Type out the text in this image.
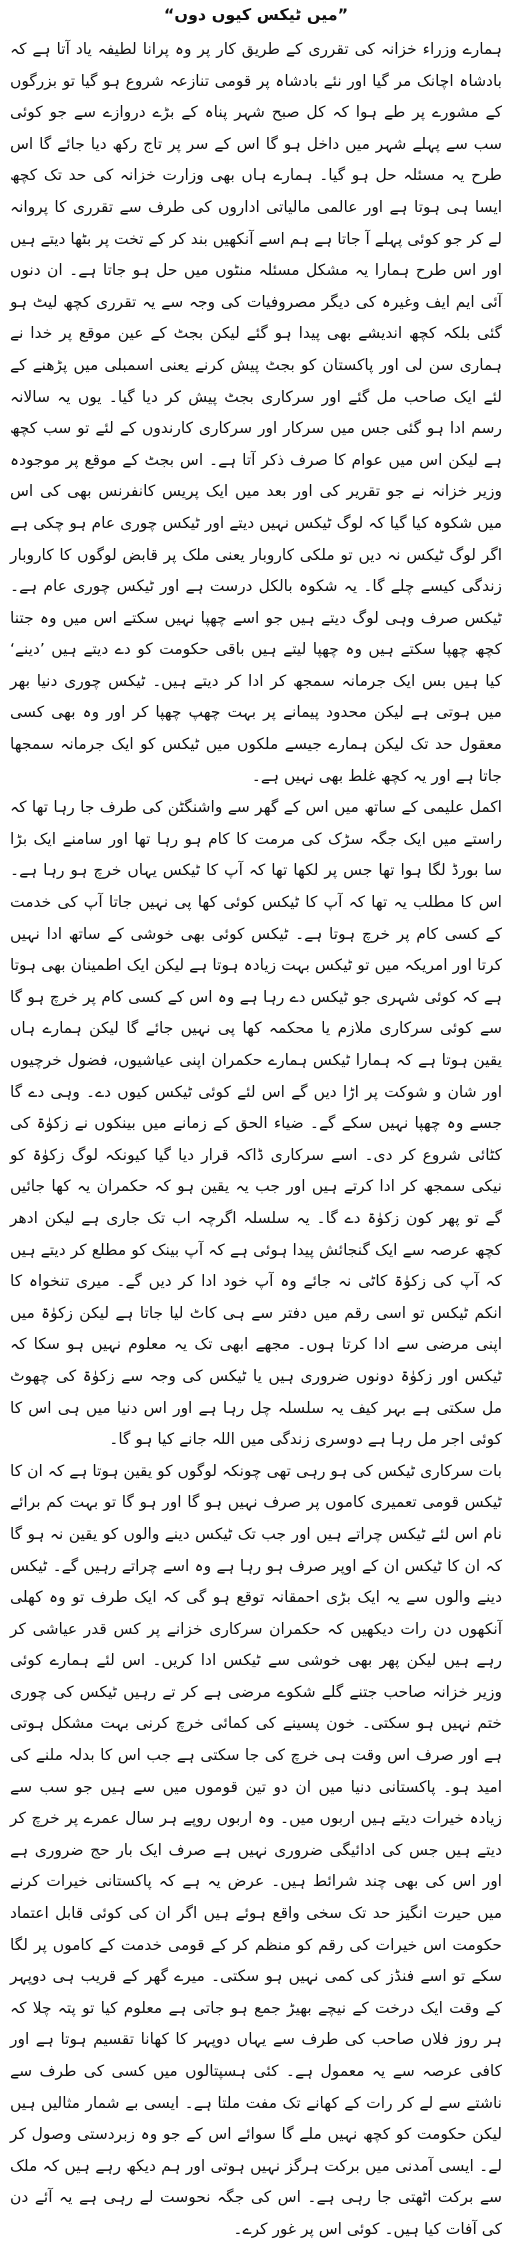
”میں ٹیکس کیوں دوں“

ہمارے وزراء خزانہ کی تقرری کے طریق کار پر وہ پرانا لطیفہ یاد آتا ہے کہ بادشاہ اچانک مر گیا اور نئے بادشاہ پر قومی تنازعہ شروع ہو گیا تو بزرگوں کے مشورے پر طے ہوا کہ کل صبح شہر پناہ کے بڑے دروازے سے جو کوئی سب سے پہلے شہر میں داخل ہو گا اس کے سر پر تاج رکھ دیا جائے گا اس طرح یہ مسئلہ حل ہو گیا۔ ہمارے ہاں بھی وزارت خزانہ کی حد تک کچھ ایسا ہی ہوتا ہے اور عالمی مالیاتی اداروں کی طرف سے تقرری کا پروانہ لے کر جو کوئی پہلے آ جاتا ہے ہم اسے آنکھیں بند کر کے تخت پر بٹھا دیتے ہیں اور اس طرح ہمارا یہ مشکل مسئلہ منٹوں میں حل ہو جاتا ہے۔ ان دنوں آئی ایم ایف وغیرہ کی دیگر مصروفیات کی وجہ سے یہ تقرری کچھ لیٹ ہو گئی بلکہ کچھ اندیشے بھی پیدا ہو گئے لیکن بجٹ کے عین موقع پر خدا نے ہماری سن لی اور پاکستان کو بجٹ پیش کرنے یعنی اسمبلی میں پڑھنے کے لئے ایک صاحب مل گئے اور سرکاری بجٹ پیش کر دیا گیا۔ یوں یہ سالانہ رسم ادا ہو گئی جس میں سرکار اور سرکاری کارندوں کے لئے تو سب کچھ ہے لیکن اس میں عوام کا صرف ذکر آتا ہے۔ اس بجٹ کے موقع پر موجودہ وزیر خزانہ نے جو تقریر کی اور بعد میں ایک پریس کانفرنس بھی کی اس میں شکوہ کیا گیا کہ لوگ ٹیکس نہیں دیتے اور ٹیکس چوری عام ہو چکی ہے اگر لوگ ٹیکس نہ دیں تو ملکی کاروبار یعنی ملک پر قابض لوگوں کا کاروبار زندگی کیسے چلے گا۔ یہ شکوہ بالکل درست ہے اور ٹیکس چوری عام ہے۔ ٹیکس صرف وہی لوگ دیتے ہیں جو اسے چھپا نہیں سکتے اس میں وہ جتنا کچھ چھپا سکتے ہیں وہ چھپا لیتے ہیں باقی حکومت کو دے دیتے ہیں ’دینے‘ کیا ہیں بس ایک جرمانہ سمجھ کر ادا کر دیتے ہیں۔ ٹیکس چوری دنیا بھر میں ہوتی ہے لیکن محدود پیمانے پر بہت چھپ چھپا کر اور وہ بھی کسی معقول حد تک لیکن ہمارے جیسے ملکوں میں ٹیکس کو ایک جرمانہ سمجھا جاتا ہے اور یہ کچھ غلط بھی نہیں ہے۔

اکمل علیمی کے ساتھ میں اس کے گھر سے واشنگٹن کی طرف جا رہا تھا کہ راستے میں ایک جگہ سڑک کی مرمت کا کام ہو رہا تھا اور سامنے ایک بڑا سا بورڈ لگا ہوا تھا جس پر لکھا تھا کہ آپ کا ٹیکس یہاں خرچ ہو رہا ہے۔ اس کا مطلب یہ تھا کہ آپ کا ٹیکس کوئی کھا پی نہیں جاتا آپ کی خدمت کے کسی کام پر خرچ ہوتا ہے۔ ٹیکس کوئی بھی خوشی کے ساتھ ادا نہیں کرتا اور امریکہ میں تو ٹیکس بہت زیادہ ہوتا ہے لیکن ایک اطمینان بھی ہوتا ہے کہ کوئی شہری جو ٹیکس دے رہا ہے وہ اس کے کسی کام پر خرچ ہو گا سے کوئی سرکاری ملازم یا محکمہ کھا پی نہیں جائے گا لیکن ہمارے ہاں یقین ہوتا ہے کہ ہمارا ٹیکس ہمارے حکمران اپنی عیاشیوں، فضول خرچیوں اور شان و شوکت پر اڑا دیں گے اس لئے کوئی ٹیکس کیوں دے۔ وہی دے گا جسے وہ چھپا نہیں سکے گے۔ ضیاء الحق کے زمانے میں بینکوں نے زکوٰۃ کی کٹائی شروع کر دی۔ اسے سرکاری ڈاکہ قرار دیا گیا کیونکہ لوگ زکوٰۃ کو نیکی سمجھ کر ادا کرتے ہیں اور جب یہ یقین ہو کہ حکمران یہ کھا جائیں گے تو پھر کون زکوٰۃ دے گا۔ یہ سلسلہ اگرچہ اب تک جاری ہے لیکن ادھر کچھ عرصہ سے ایک گنجائش پیدا ہوئی ہے کہ آپ بینک کو مطلع کر دیتے ہیں کہ آپ کی زکوٰۃ کاٹی نہ جائے وہ آپ خود ادا کر دیں گے۔ میری تنخواہ کا انکم ٹیکس تو اسی رقم میں دفتر سے ہی کاٹ لیا جاتا ہے لیکن زکوٰۃ میں اپنی مرضی سے ادا کرتا ہوں۔ مجھے ابھی تک یہ معلوم نہیں ہو سکا کہ ٹیکس اور زکوٰۃ دونوں ضروری ہیں یا ٹیکس کی وجہ سے زکوٰۃ کی چھوٹ مل سکتی ہے بہر کیف یہ سلسلہ چل رہا ہے اور اس دنیا میں ہی اس کا کوئی اجر مل رہا ہے دوسری زندگی میں اللہ جانے کیا ہو گا۔

بات سرکاری ٹیکس کی ہو رہی تھی چونکہ لوگوں کو یقین ہوتا ہے کہ ان کا ٹیکس قومی تعمیری کاموں پر صرف نہیں ہو گا اور ہو گا تو بہت کم برائے نام اس لئے ٹیکس چراتے ہیں اور جب تک ٹیکس دینے والوں کو یقین نہ ہو گا کہ ان کا ٹیکس ان کے اوپر صرف ہو رہا ہے وہ اسے چراتے رہیں گے۔ ٹیکس دینے والوں سے یہ ایک بڑی احمقانہ توقع ہو گی کہ ایک طرف تو وہ کھلی آنکھوں دن رات دیکھیں کہ حکمران سرکاری خزانے پر کس قدر عیاشی کر رہے ہیں لیکن پھر بھی خوشی سے ٹیکس ادا کریں۔ اس لئے ہمارے کوئی وزیر خزانہ صاحب جتنے گلے شکوے مرضی ہے کر تے رہیں ٹیکس کی چوری ختم نہیں ہو سکتی۔ خون پسینے کی کمائی خرچ کرنی بہت مشکل ہوتی ہے اور صرف اس وقت ہی خرچ کی جا سکتی ہے جب اس کا بدلہ ملنے کی امید ہو۔ پاکستانی دنیا میں ان دو تین قوموں میں سے ہیں جو سب سے زیادہ خیرات دیتے ہیں اربوں میں۔ وہ اربوں روپے ہر سال عمرے پر خرچ کر دیتے ہیں جس کی ادائیگی ضروری نہیں ہے صرف ایک بار حج ضروری ہے اور اس کی بھی چند شرائط ہیں۔ عرض یہ ہے کہ پاکستانی خیرات کرنے میں حیرت انگیز حد تک سخی واقع ہوئے ہیں اگر ان کی کوئی قابل اعتماد حکومت اس خیرات کی رقم کو منظم کر کے قومی خدمت کے کاموں پر لگا سکے تو اسے فنڈز کی کمی نہیں ہو سکتی۔ میرے گھر کے قریب ہی دوپہر کے وقت ایک درخت کے نیچے بھیڑ جمع ہو جاتی ہے معلوم کیا تو پتہ چلا کہ ہر روز فلاں صاحب کی طرف سے یہاں دوپہر کا کھانا تقسیم ہوتا ہے اور کافی عرصہ سے یہ معمول ہے۔ کئی ہسپتالوں میں کسی کی طرف سے ناشتے سے لے کر رات کے کھانے تک مفت ملتا ہے۔ ایسی بے شمار مثالیں ہیں لیکن حکومت کو کچھ نہیں ملے گا سوائے اس کے جو وہ زبردستی وصول کر لے۔ ایسی آمدنی میں برکت ہرگز نہیں ہوتی اور ہم دیکھ رہے ہیں کہ ملک سے برکت اٹھتی جا رہی ہے۔ اس کی جگہ نحوست لے رہی ہے یہ آئے دن کی آفات کیا ہیں۔ کوئی اس پر غور کرے۔
